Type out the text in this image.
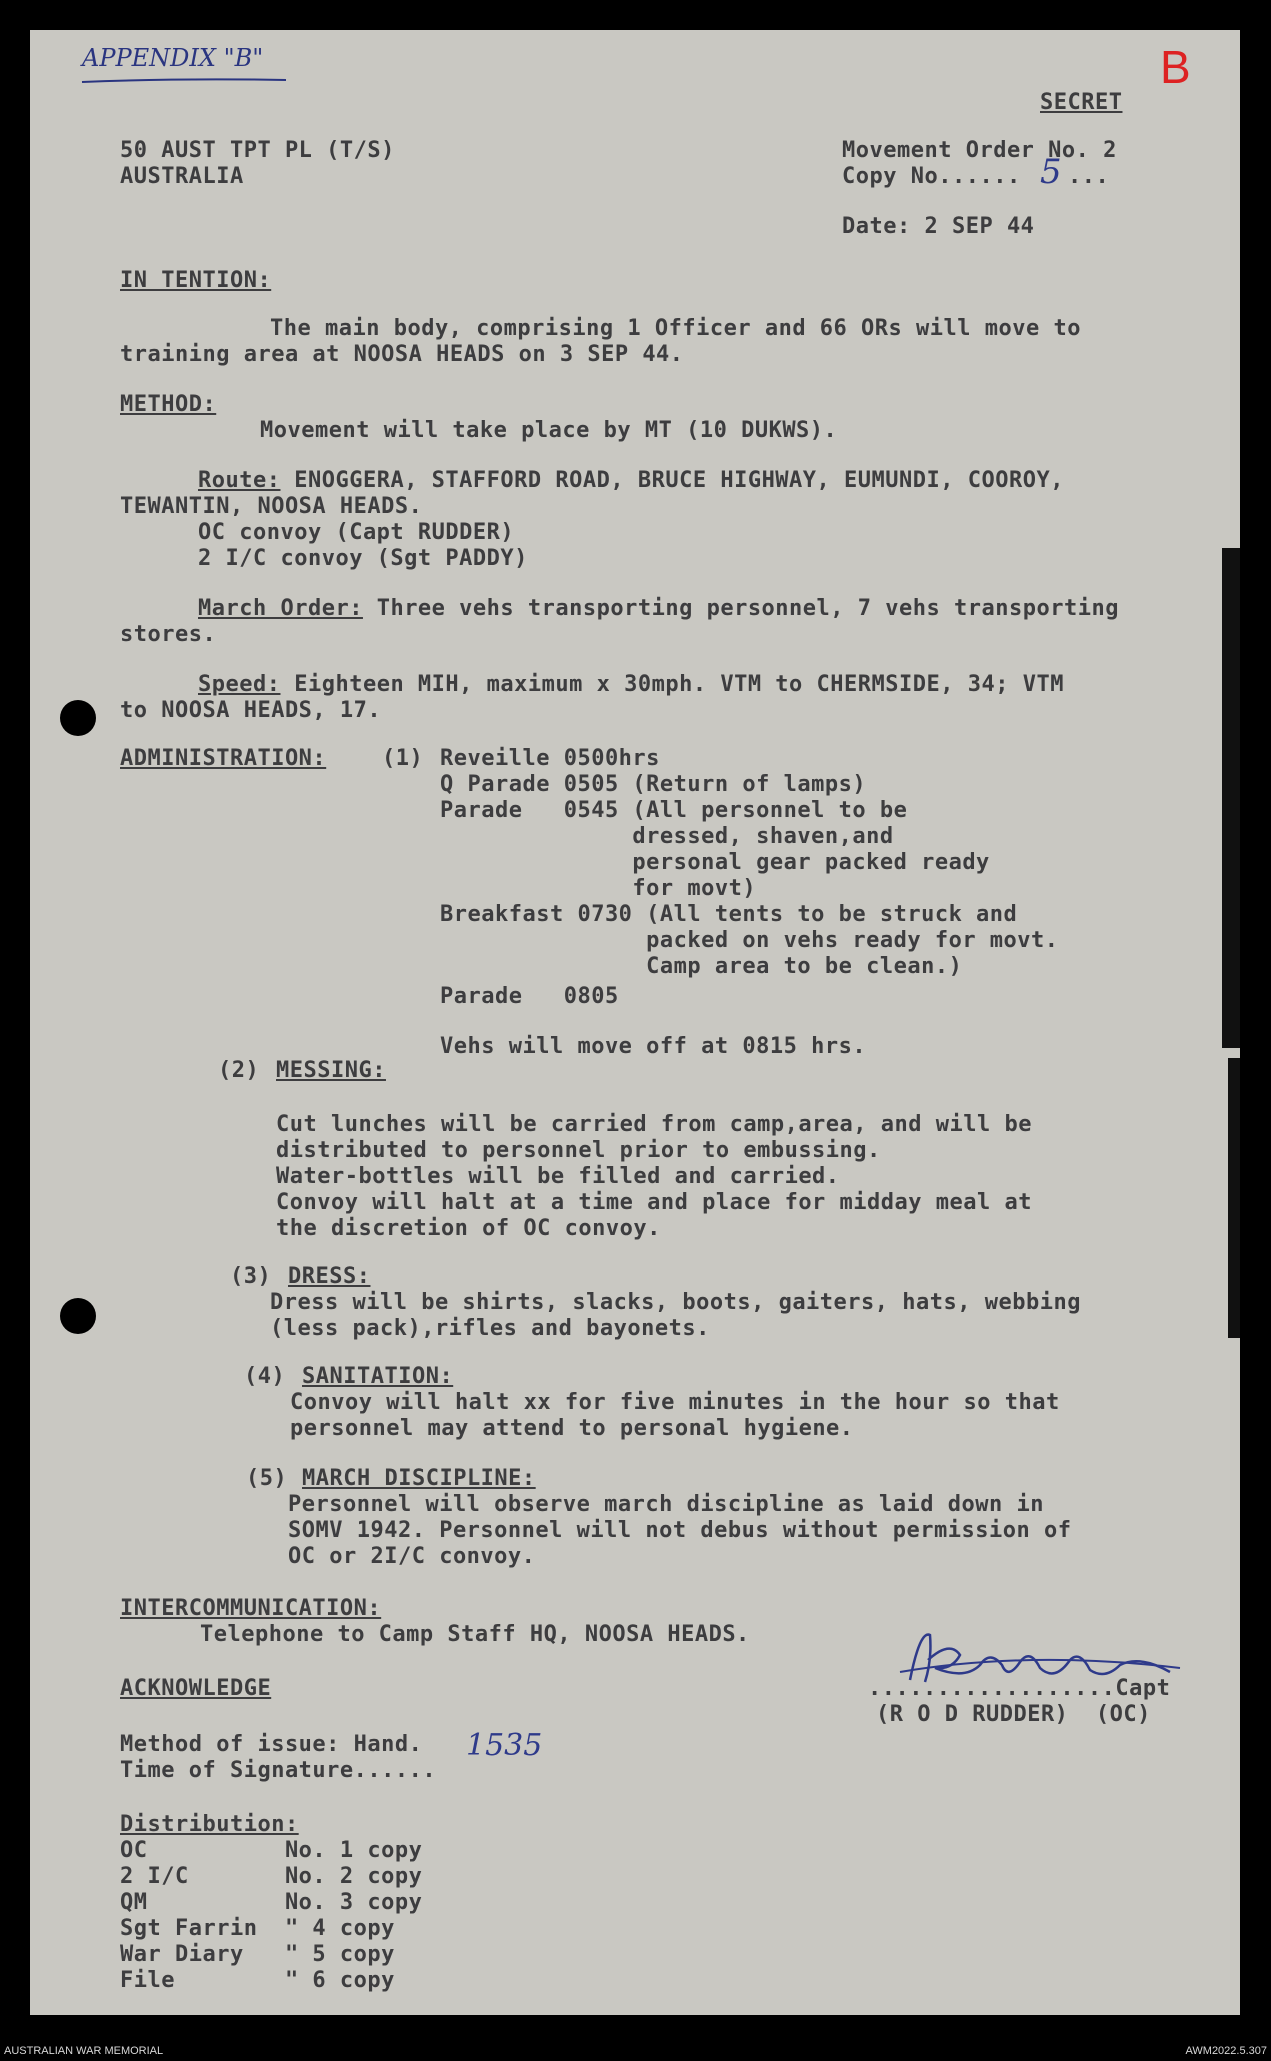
APPENDIX "B"	B
SECRET
50 AUST TPT PL (T/S)
AUSTRALIA
Movement Order No. 2
Copy No...... 5 ...
Date: 2 SEP 44
IN TENTION:
The main body, comprising 1 Officer and 66 ORs will move to
training area at NOOSA HEADS on 3 SEP 44.
METHOD:
Movement will take place by MT (10 DUKWS).
Route: ENOGGERA, STAFFORD ROAD, BRUCE HIGHWAY, EUMUNDI, COOROY,
TEWANTIN, NOOSA HEADS.
OC convoy (Capt RUDDER)
2 I/C convoy (Sgt PADDY)
March Order: Three vehs transporting personnel, 7 vehs transporting
stores.
Speed: Eighteen MIH, maximum x 30mph. VTM to CHERMSIDE, 34; VTM
to NOOSA HEADS, 17.
ADMINISTRATION:	(1) Reveille 0500hrs
Q Parade 0505 (Return of lamps)
Parade   0545 (All personnel to be
dressed, shaven,and
personal gear packed ready
for movt)
Breakfast 0730 (All tents to be struck and
packed on vehs ready for movt.
Camp area to be clean.)
Parade   0805
Vehs will move off at 0815 hrs.
(2) MESSING:
Cut lunches will be carried from camp,area, and will be
distributed to personnel prior to embussing.
Water-bottles will be filled and carried.
Convoy will halt at a time and place for midday meal at
the discretion of OC convoy.
(3) DRESS:
Dress will be shirts, slacks, boots, gaiters, hats, webbing
(less pack),rifles and bayonets.
(4) SANITATION:
Convoy will halt xx for five minutes in the hour so that
personnel may attend to personal hygiene.
(5) MARCH DISCIPLINE:
Personnel will observe march discipline as laid down in
SOMV 1942. Personnel will not debus without permission of
OC or 2I/C convoy.
INTERCOMMUNICATION:
Telephone to Camp Staff HQ, NOOSA HEADS.
ACKNOWLEDGE	..................Capt
(R O D RUDDER)  (OC)
Method of issue: Hand.
Time of Signature......
1535
Distribution:
OC          No. 1 copy
2 I/C       No. 2 copy
QM          No. 3 copy
Sgt Farrin  " 4 copy
War Diary   " 5 copy
File        " 6 copy
AUSTRALIAN WAR MEMORIAL	AWM2022.5.307
